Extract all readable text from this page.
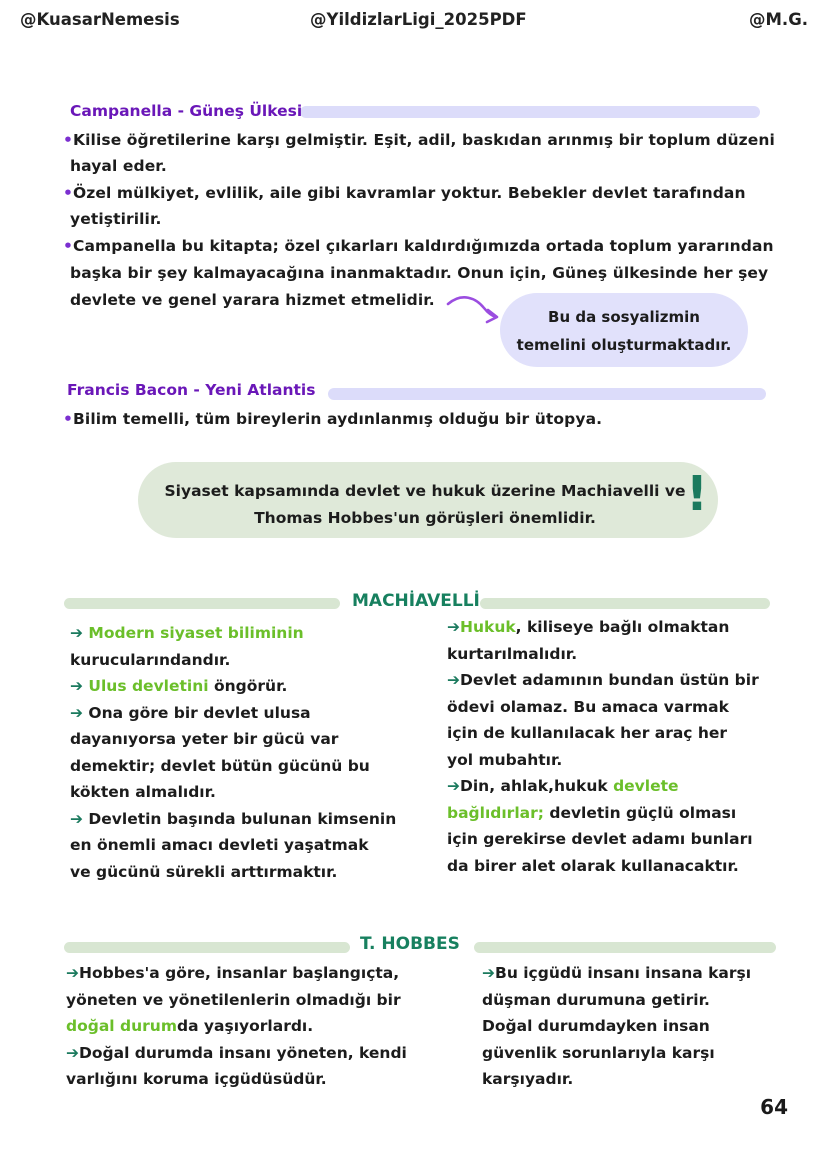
@KuasarNemesis	@YildizlarLigi_2025PDF	@M.G.
Campanella - Güneş Ülkesi
•Kilise öğretilerine karşı gelmiştir. Eşit, adil, baskıdan arınmış bir toplum düzeni
hayal eder.
•Özel mülkiyet, evlilik, aile gibi kavramlar yoktur. Bebekler devlet tarafından
yetiştirilir.
•Campanella bu kitapta; özel çıkarları kaldırdığımızda ortada toplum yararından
başka bir şey kalmayacağına inanmaktadır. Onun için, Güneş ülkesinde her şey
devlete ve genel yarara hizmet etmelidir.
Bu da sosyalizmin
temelini oluşturmaktadır.
Francis Bacon - Yeni Atlantis
•Bilim temelli, tüm bireylerin aydınlanmış olduğu bir ütopya.
Siyaset kapsamında devlet ve hukuk üzerine Machiavelli ve
Thomas Hobbes'un görüşleri önemlidir.	!
MACHİAVELLİ
➔ Modern siyaset biliminin
kurucularındandır.
➔ Ulus devletini öngörür.
➔ Ona göre bir devlet ulusa
dayanıyorsa yeter bir gücü var
demektir; devlet bütün gücünü bu
kökten almalıdır.
➔ Devletin başında bulunan kimsenin
en önemli amacı devleti yaşatmak
ve gücünü sürekli arttırmaktır.
➔Hukuk, kiliseye bağlı olmaktan
kurtarılmalıdır.
➔Devlet adamının bundan üstün bir
ödevi olamaz. Bu amaca varmak
için de kullanılacak her araç her
yol mubahtır.
➔Din, ahlak,hukuk devlete
bağlıdırlar; devletin güçlü olması
için gerekirse devlet adamı bunları
da birer alet olarak kullanacaktır.
T. HOBBES
➔Hobbes'a göre, insanlar başlangıçta,
yöneten ve yönetilenlerin olmadığı bir
doğal durumda yaşıyorlardı.
➔Doğal durumda insanı yöneten, kendi
varlığını koruma içgüdüsüdür.
➔Bu içgüdü insanı insana karşı
düşman durumuna getirir.
Doğal durumdayken insan
güvenlik sorunlarıyla karşı
karşıyadır.
64
